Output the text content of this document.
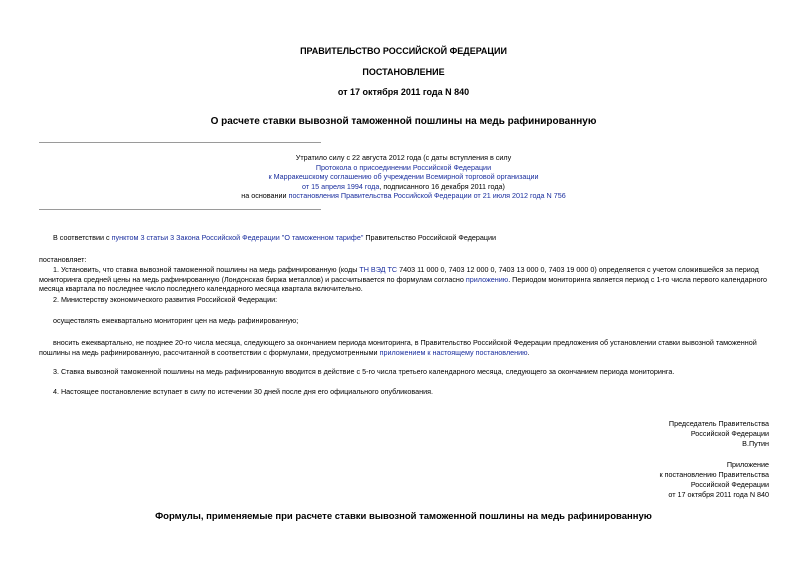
ПРАВИТЕЛЬСТВО РОССИЙСКОЙ ФЕДЕРАЦИИ
ПОСТАНОВЛЕНИЕ
от 17 октября 2011 года N 840
О расчете ставки вывозной таможенной пошлины на медь рафинированную

Утратило силу с 22 августа 2012 года (с даты вступления в силу

Протокола о присоединении Российской Федерации

к Марракешскому соглашению об учреждении Всемирной торговой организации

от 15 апреля 1994 года, подписанного 16 декабря 2011 года)

на основании постановления Правительства Российской Федерации от 21 июля 2012 года N 756

В соответствии с пунктом 3 статьи 3 Закона Российской Федерации "О таможенном тарифе" Правительство Российской Федерации
постановляет:
1. Установить, что ставка вывозной таможенной пошлины на медь рафинированную (коды ТН ВЭД ТС 7403 11 000 0, 7403 12 000 0, 7403 13 000 0, 7403 19 000 0) определяется с учетом сложившейся за период мониторинга средней цены на медь рафинированную (Лондонская биржа металлов) и рассчитывается по формулам согласно приложению. Периодом мониторинга является период с 1-го числа первого календарного месяца квартала по последнее число последнего календарного месяца квартала включительно.
2. Министерству экономического развития Российской Федерации:
осуществлять ежеквартально мониторинг цен на медь рафинированную;
вносить ежеквартально, не позднее 20-го числа месяца, следующего за окончанием периода мониторинга, в Правительство Российской Федерации предложения об установлении ставки вывозной таможенной пошлины на медь рафинированную, рассчитанной в соответствии с формулами, предусмотренными приложением к настоящему постановлению.
3. Ставка вывозной таможенной пошлины на медь рафинированную вводится в действие с 5-го числа третьего календарного месяца, следующего за окончанием периода мониторинга.
4. Настоящее постановление вступает в силу по истечении 30 дней после дня его официального опубликования.

Председатель Правительства

Российской Федерации

В.Путин

Приложение

к постановлению Правительства

Российской Федерации

от 17 октября 2011 года N 840

Формулы, применяемые при расчете ставки вывозной таможенной пошлины на медь рафинированную
